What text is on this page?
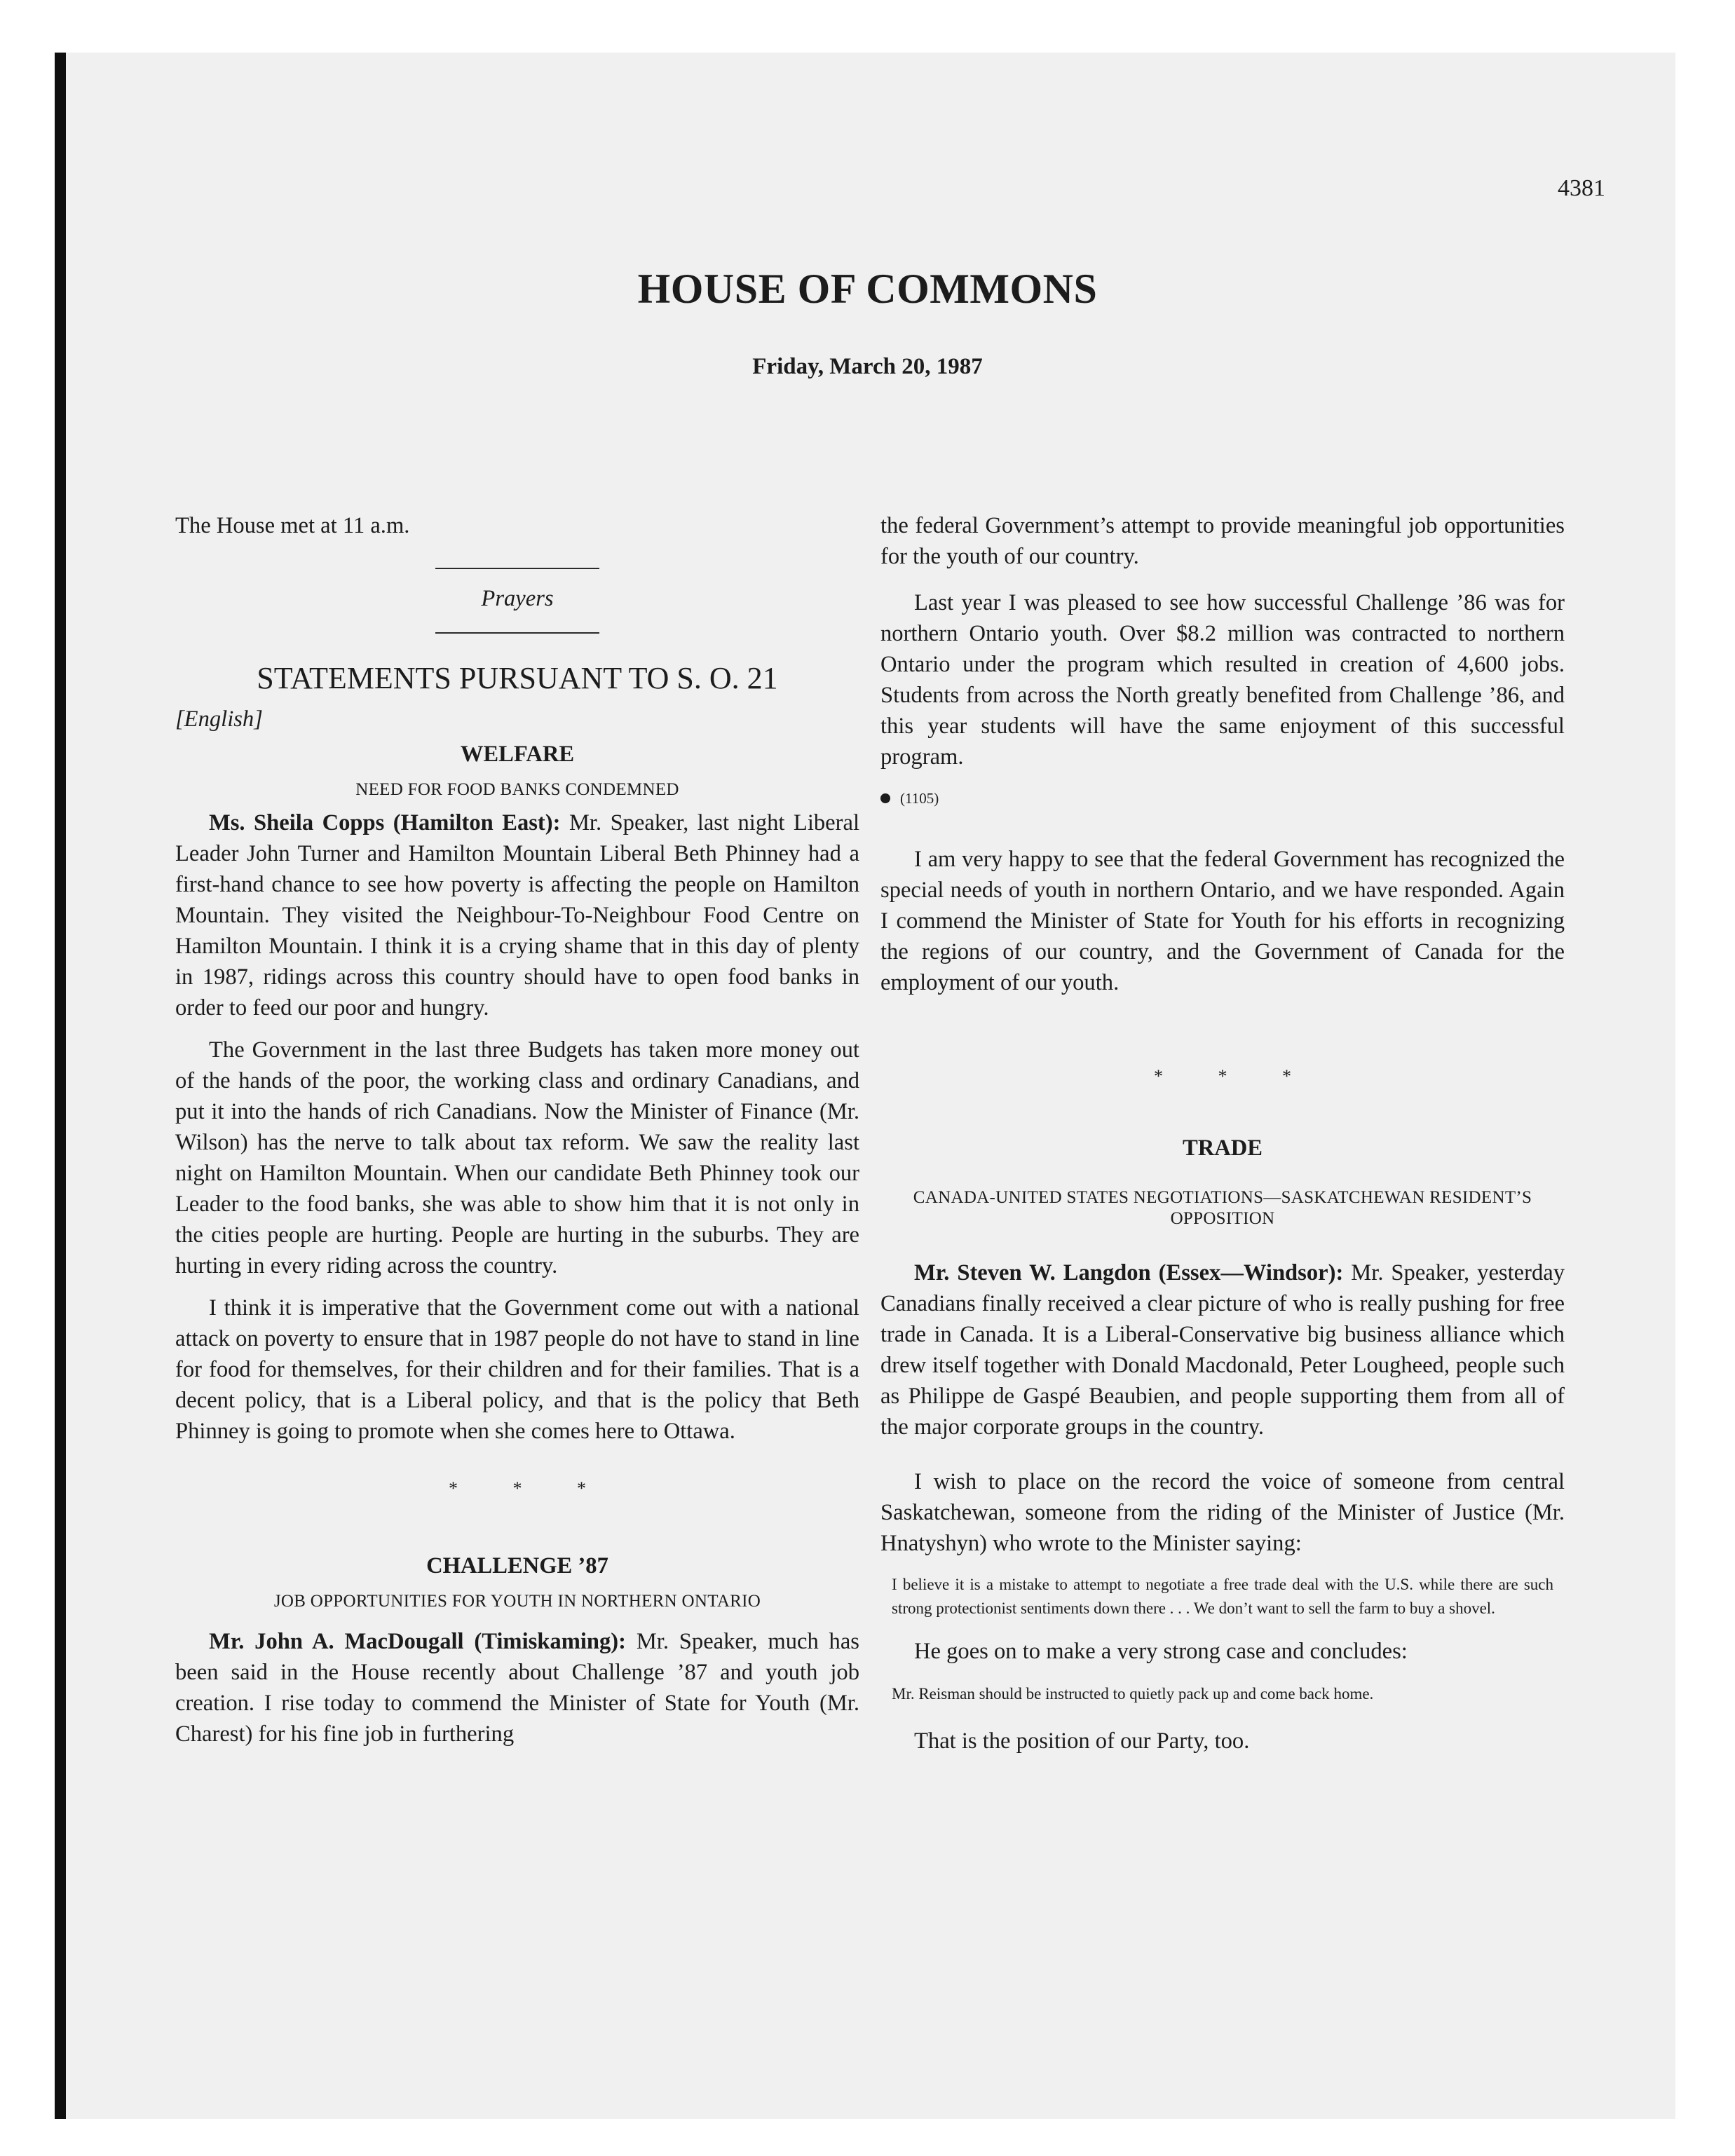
4381
HOUSE OF COMMONS
Friday, March 20, 1987

The House met at 11 a.m.

Prayers
STATEMENTS PURSUANT TO S. O. 21
[English]
WELFARE
NEED FOR FOOD BANKS CONDEMNED

Ms. Sheila Copps (Hamilton East): Mr. Speaker, last night Liberal Leader John Turner and Hamilton Mountain Liberal Beth Phinney had a first-hand chance to see how poverty is affecting the people on Hamilton Mountain. They visited the Neighbour-To-Neighbour Food Centre on Hamilton Mountain. I think it is a crying shame that in this day of plenty in 1987, ridings across this country should have to open food banks in order to feed our poor and hungry.

The Government in the last three Budgets has taken more money out of the hands of the poor, the working class and ordinary Canadians, and put it into the hands of rich Canadians. Now the Minister of Finance (Mr. Wilson) has the nerve to talk about tax reform. We saw the reality last night on Hamilton Mountain. When our candidate Beth Phinney took our Leader to the food banks, she was able to show him that it is not only in the cities people are hurting. People are hurting in the suburbs. They are hurting in every riding across the country.

I think it is imperative that the Government come out with a national attack on poverty to ensure that in 1987 people do not have to stand in line for food for themselves, for their children and for their families. That is a decent policy, that is a Liberal policy, and that is the policy that Beth Phinney is going to promote when she comes here to Ottawa.

* * *
CHALLENGE ’87
JOB OPPORTUNITIES FOR YOUTH IN NORTHERN ONTARIO

Mr. John A. MacDougall (Timiskaming): Mr. Speaker, much has been said in the House recently about Challenge ’87 and youth job creation. I rise today to commend the Minister of State for Youth (Mr. Charest) for his fine job in furthering

the federal Government’s attempt to provide meaningful job opportunities for the youth of our country.

Last year I was pleased to see how successful Challenge ’86 was for northern Ontario youth. Over $8.2 million was contracted to northern Ontario under the program which resulted in creation of 4,600 jobs. Students from across the North greatly benefited from Challenge ’86, and this year students will have the same enjoyment of this successful program.

(1105)

I am very happy to see that the federal Government has recognized the special needs of youth in northern Ontario, and we have responded. Again I commend the Minister of State for Youth for his efforts in recognizing the regions of our country, and the Government of Canada for the employment of our youth.

* * *
TRADE
CANADA-UNITED STATES NEGOTIATIONS—SASKATCHEWAN RESIDENT’S OPPOSITION

Mr. Steven W. Langdon (Essex—Windsor): Mr. Speaker, yesterday Canadians finally received a clear picture of who is really pushing for free trade in Canada. It is a Liberal-Conservative big business alliance which drew itself together with Donald Macdonald, Peter Lougheed, people such as Philippe de Gaspé Beaubien, and people supporting them from all of the major corporate groups in the country.

I wish to place on the record the voice of someone from central Saskatchewan, someone from the riding of the Minister of Justice (Mr. Hnatyshyn) who wrote to the Minister saying:

I believe it is a mistake to attempt to negotiate a free trade deal with the U.S. while there are such strong protectionist sentiments down there . . . We don’t want to sell the farm to buy a shovel.

He goes on to make a very strong case and concludes:

Mr. Reisman should be instructed to quietly pack up and come back home.

That is the position of our Party, too.
